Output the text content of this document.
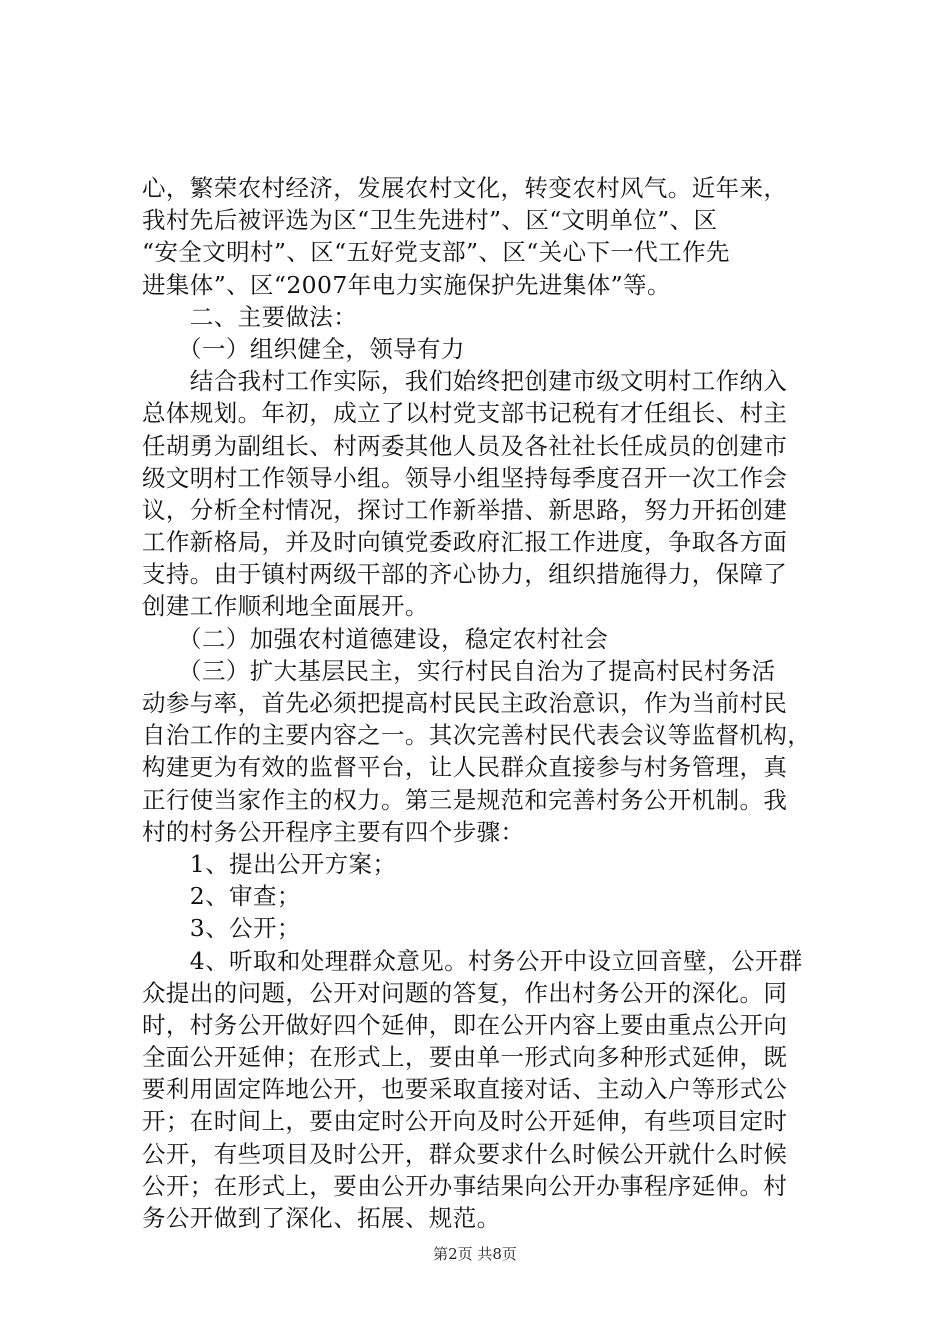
心，繁荣农村经济，发展农村文化，转变农村风气。近年来，
我村先后被评选为区“卫生先进村”、区“文明单位”、区
“安全文明村”、区“五好党支部”、区“关心下一代工作先
进集体”、区“2007年电力实施保护先进集体”等。
　　二、主要做法：
　　（一）组织健全，领导有力
　　结合我村工作实际，我们始终把创建市级文明村工作纳入
总体规划。年初，成立了以村党支部书记税有才任组长、村主
任胡勇为副组长、村两委其他人员及各社社长任成员的创建市
级文明村工作领导小组。领导小组坚持每季度召开一次工作会
议，分析全村情况，探讨工作新举措、新思路，努力开拓创建
工作新格局，并及时向镇党委政府汇报工作进度，争取各方面
支持。由于镇村两级干部的齐心协力，组织措施得力，保障了
创建工作顺利地全面展开。
　　（二）加强农村道德建设，稳定农村社会
　　（三）扩大基层民主，实行村民自治为了提高村民村务活
动参与率，首先必须把提高村民民主政治意识，作为当前村民
自治工作的主要内容之一。其次完善村民代表会议等监督机构，
构建更为有效的监督平台，让人民群众直接参与村务管理，真
正行使当家作主的权力。第三是规范和完善村务公开机制。我
村的村务公开程序主要有四个步骤：
　　1、提出公开方案；
　　2、审查；
　　3、公开；
　　4、听取和处理群众意见。村务公开中设立回音壁，公开群
众提出的问题，公开对问题的答复，作出村务公开的深化。同
时，村务公开做好四个延伸，即在公开内容上要由重点公开向
全面公开延伸；在形式上，要由单一形式向多种形式延伸，既
要利用固定阵地公开，也要采取直接对话、主动入户等形式公
开；在时间上，要由定时公开向及时公开延伸，有些项目定时
公开，有些项目及时公开，群众要求什么时候公开就什么时候
公开；在形式上，要由公开办事结果向公开办事程序延伸。村
务公开做到了深化、拓展、规范。
第2页 共8页
